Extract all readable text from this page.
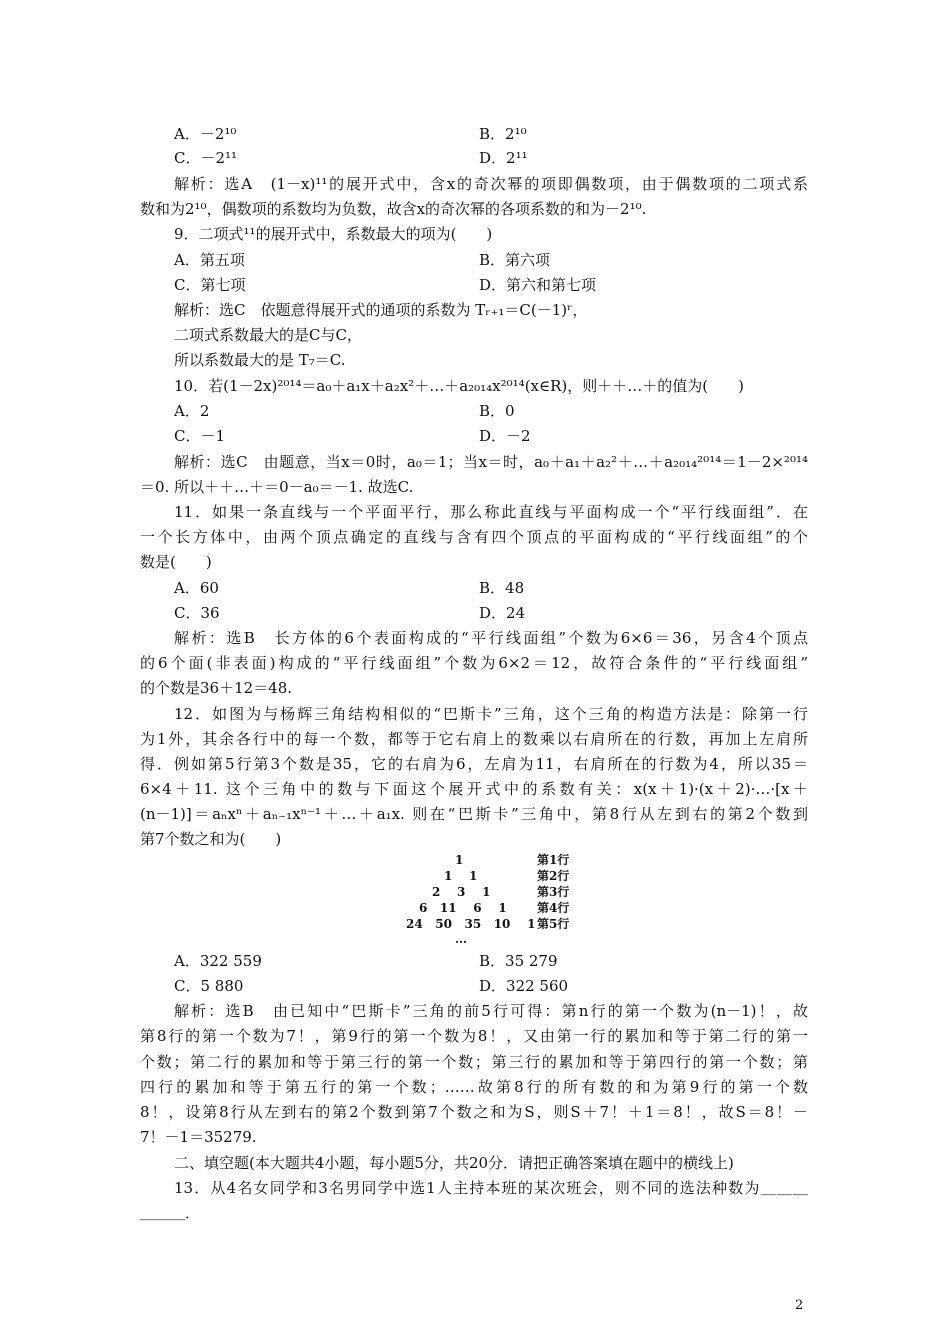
A．－2¹⁰	B．2¹⁰
C．－2¹¹	D．2¹¹
解析：选A　(1－x)¹¹的展开式中，含x的奇次幂的项即偶数项，由于偶数项的二项式系
数和为2¹⁰，偶数项的系数均为负数，故含x的奇次幂的各项系数的和为－2¹⁰.
9．二项式¹¹的展开式中，系数最大的项为(　　)
A．第五项	B．第六项
C．第七项	D．第六和第七项
解析：选C　依题意得展开式的通项的系数为 Tᵣ₊₁＝C(－1)ʳ，
二项式系数最大的是C与C，
所以系数最大的是 T₇＝C.
10．若(1－2x)²⁰¹⁴＝a₀＋a₁x＋a₂x²＋…＋a₂₀₁₄x²⁰¹⁴(x∈R)，则＋＋…＋的值为(　　)
A．2	B．0
C．－1	D．－2
解析：选C　由题意，当x＝0时，a₀＝1；当x＝时，a₀＋a₁＋a₂²＋…＋a₂₀₁₄²⁰¹⁴＝1－2×²⁰¹⁴
＝0. 所以＋＋…＋＝0－a₀＝－1. 故选C.
11．如果一条直线与一个平面平行，那么称此直线与平面构成一个“平行线面组”．在
一个长方体中，由两个顶点确定的直线与含有四个顶点的平面构成的“平行线面组”的个
数是(　　)
A．60	B．48
C．36	D．24
解析：选B　长方体的6个表面构成的“平行线面组”个数为6×6＝36，另含4个顶点
的6个面(非表面)构成的“平行线面组”个数为6×2＝12，故符合条件的“平行线面组”
的个数是36＋12＝48.
12．如图为与杨辉三角结构相似的“巴斯卡”三角，这个三角的构造方法是：除第一行
为1外，其余各行中的每一个数，都等于它右肩上的数乘以右肩所在的行数，再加上左肩所
得．例如第5行第3个数是35，它的右肩为6，左肩为11，右肩所在的行数为4，所以35＝
6×4＋11. 这个三角中的数与下面这个展开式中的系数有关：x(x＋1)·(x＋2)·…·[x＋
(n－1)]＝aₙxⁿ＋aₙ₋₁xⁿ⁻¹＋…＋a₁x. 则在“巴斯卡”三角中，第8行从左到右的第2个数到
第7个数之和为(　　)
1
1    1
2    3    1
6   11    6    1
24   50   35   10    1
…
第1行
第2行
第3行
第4行
第5行
A．322 559	B．35 279
C．5 880	D．322 560
解析：选B　由已知中“巴斯卡”三角的前5行可得：第n行的第一个数为(n－1)！，故
第8行的第一个数为7！，第9行的第一个数为8！，又由第一行的累加和等于第二行的第一
个数；第二行的累加和等于第三行的第一个数；第三行的累加和等于第四行的第一个数；第
四行的累加和等于第五行的第一个数；……故第8行的所有数的和为第9行的第一个数
8！，设第8行从左到右的第2个数到第7个数之和为S，则S＋7！＋1＝8！，故S＝8！－
7！－1＝35279.
二、填空题(本大题共4小题，每小题5分，共20分．请把正确答案填在题中的横线上)
13．从4名女同学和3名男同学中选1人主持本班的某次班会，则不同的选法种数为＿＿＿
＿＿＿．
2
